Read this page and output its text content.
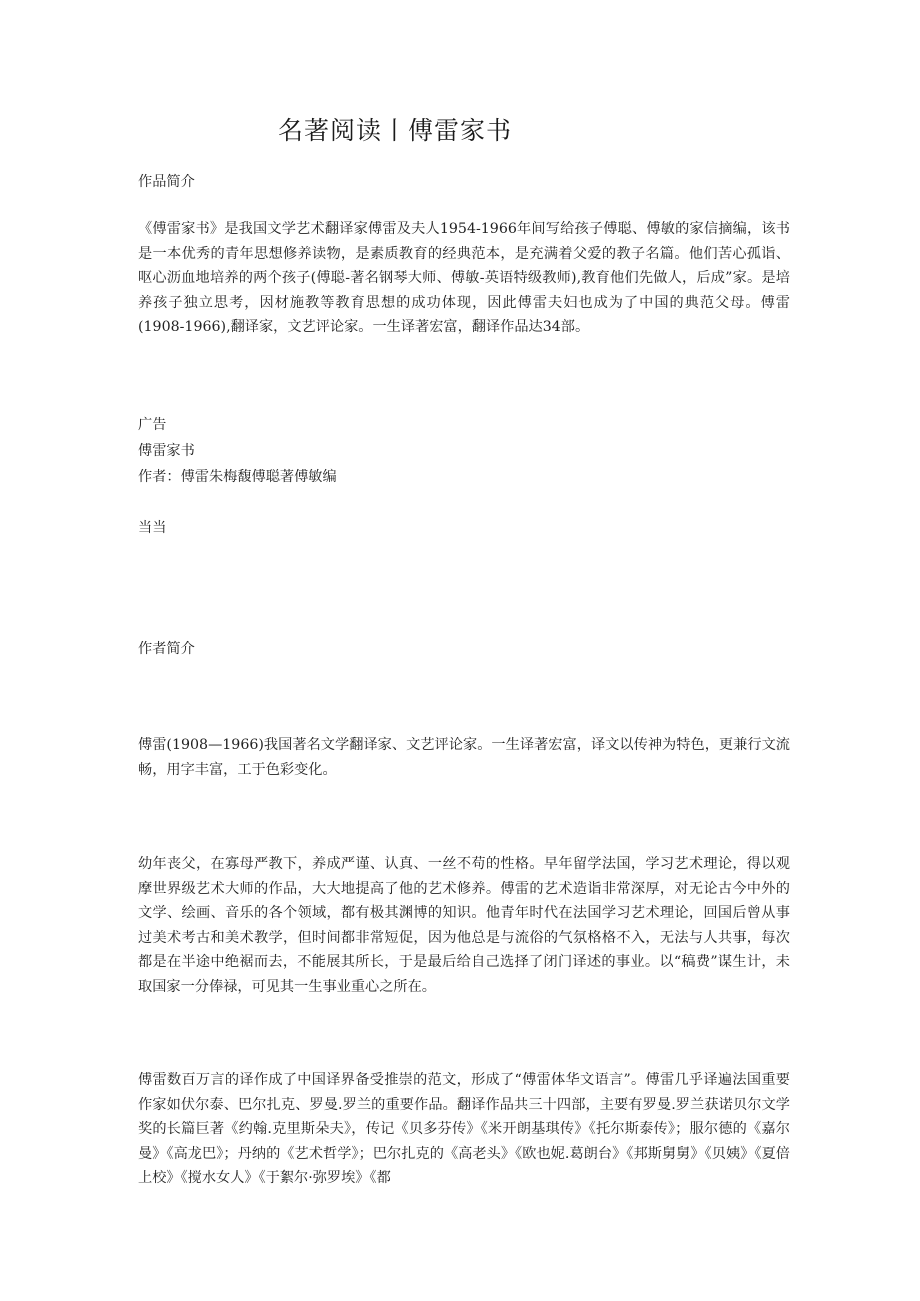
名著阅读丨傅雷家书
作品简介
《傅雷家书》是我国文学艺术翻译家傅雷及夫人1954-1966年间写给孩子傅聪、傅敏的家信摘编，该书是一本优秀的青年思想修养读物，是素质教育的经典范本，是充满着父爱的教子名篇。他们苦心孤诣、呕心沥血地培养的两个孩子(傅聪-著名钢琴大师、傅敏-英语特级教师),教育他们先做人，后成”家。是培养孩子独立思考，因材施教等教育思想的成功体现，因此傅雷夫妇也成为了中国的典范父母。傅雷(1908-1966),翻译家，文艺评论家。一生译著宏富，翻译作品达34部。
广告
傅雷家书
作者：傅雷朱梅馥傅聪著傅敏编
当当
作者简介
傅雷(1908—1966)我国著名文学翻译家、文艺评论家。一生译著宏富，译文以传神为特色，更兼行文流畅，用字丰富，工于色彩变化。
幼年丧父，在寡母严教下，养成严谨、认真、一丝不苟的性格。早年留学法国，学习艺术理论，得以观摩世界级艺术大师的作品，大大地提高了他的艺术修养。傅雷的艺术造诣非常深厚，对无论古今中外的文学、绘画、音乐的各个领域，都有极其渊博的知识。他青年时代在法国学习艺术理论，回国后曾从事过美术考古和美术教学，但时间都非常短促，因为他总是与流俗的气氛格格不入，无法与人共事，每次都是在半途中绝裾而去，不能展其所长，于是最后给自己选择了闭门译述的事业。以“稿费”谋生计，未取国家一分俸禄，可见其一生事业重心之所在。
傅雷数百万言的译作成了中国译界备受推崇的范文，形成了“傅雷体华文语言”。傅雷几乎译遍法国重要作家如伏尔泰、巴尔扎克、罗曼.罗兰的重要作品。翻译作品共三十四部，主要有罗曼.罗兰获诺贝尔文学奖的长篇巨著《约翰.克里斯朵夫》，传记《贝多芬传》《米开朗基琪传》《托尔斯泰传》；服尔德的《嘉尔曼》《高龙巴》；丹纳的《艺术哲学》；巴尔扎克的《高老头》《欧也妮.葛朗台》《邦斯舅舅》《贝姨》《夏倍上校》《搅水女人》《于絮尔·弥罗埃》《都
